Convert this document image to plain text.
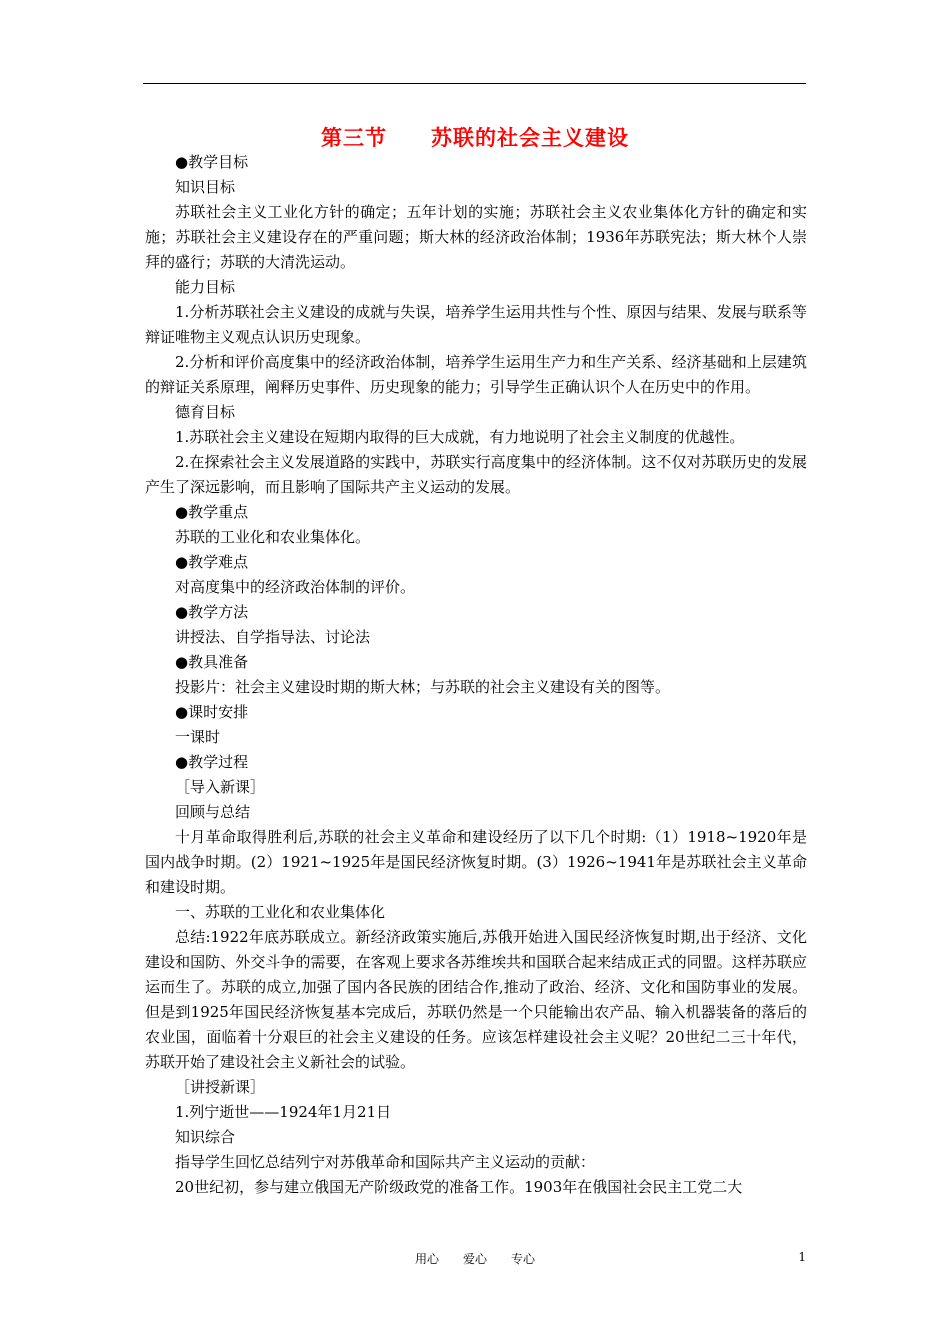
第三节　　苏联的社会主义建设

●教学目标

知识目标

苏联社会主义工业化方针的确定；五年计划的实施；苏联社会主义农业集体化方针的确定和实施；苏联社会主义建设存在的严重问题；斯大林的经济政治体制；1936年苏联宪法；斯大林个人崇拜的盛行；苏联的大清洗运动。

能力目标

1.分析苏联社会主义建设的成就与失误，培养学生运用共性与个性、原因与结果、发展与联系等辩证唯物主义观点认识历史现象。

2.分析和评价高度集中的经济政治体制，培养学生运用生产力和生产关系、经济基础和上层建筑的辩证关系原理，阐释历史事件、历史现象的能力；引导学生正确认识个人在历史中的作用。

德育目标

1.苏联社会主义建设在短期内取得的巨大成就，有力地说明了社会主义制度的优越性。

2.在探索社会主义发展道路的实践中，苏联实行高度集中的经济体制。这不仅对苏联历史的发展产生了深远影响，而且影响了国际共产主义运动的发展。

●教学重点

苏联的工业化和农业集体化。

●教学难点

对高度集中的经济政治体制的评价。

●教学方法

讲授法、自学指导法、讨论法

●教具准备

投影片：社会主义建设时期的斯大林；与苏联的社会主义建设有关的图等。

●课时安排

一课时

●教学过程

［导入新课］

回顾与总结

十月革命取得胜利后,苏联的社会主义革命和建设经历了以下几个时期:（1）1918~1920年是国内战争时期。(2）1921~1925年是国民经济恢复时期。(3）1926~1941年是苏联社会主义革命和建设时期。

一、苏联的工业化和农业集体化

总结:1922年底苏联成立。新经济政策实施后,苏俄开始进入国民经济恢复时期,出于经济、文化建设和国防、外交斗争的需要，在客观上要求各苏维埃共和国联合起来结成正式的同盟。这样苏联应运而生了。苏联的成立,加强了国内各民族的团结合作,推动了政治、经济、文化和国防事业的发展。但是到1925年国民经济恢复基本完成后，苏联仍然是一个只能输出农产品、输入机器装备的落后的农业国，面临着十分艰巨的社会主义建设的任务。应该怎样建设社会主义呢？20世纪二三十年代，苏联开始了建设社会主义新社会的试验。

［讲授新课］

1.列宁逝世——1924年1月21日

知识综合

指导学生回忆总结列宁对苏俄革命和国际共产主义运动的贡献：

20世纪初，参与建立俄国无产阶级政党的准备工作。1903年在俄国社会民主工党二大

用心　　爱心　　专心	1
